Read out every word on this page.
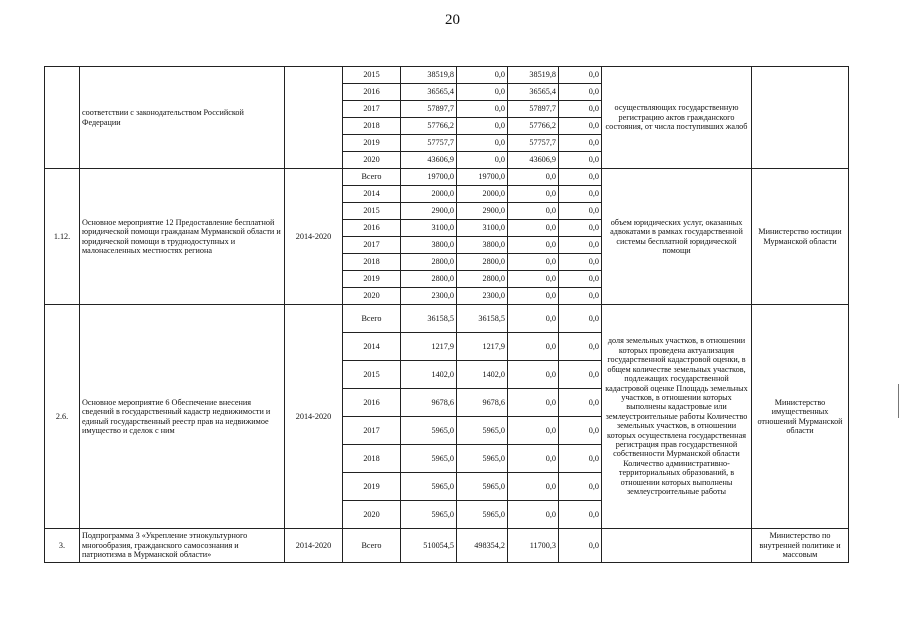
20
	соответствии с законодательством Российской Федерации		2015	38519,8	0,0	38519,8	0,0	осуществляющих государственную регистрацию актов гражданского состояния, от числа поступивших жалоб	
			2016	36565,4	0,0	36565,4	0,0		
			2017	57897,7	0,0	57897,7	0,0		
			2018	57766,2	0,0	57766,2	0,0		
			2019	57757,7	0,0	57757,7	0,0		
			2020	43606,9	0,0	43606,9	0,0		
1.12.	Основное мероприятие 12 Предоставление бесплатной юридической помощи гражданам Мурманской области и юридической помощи в труднодоступных и малонаселенных местностях региона	2014-2020	Всего	19700,0	19700,0	0,0	0,0	объем юридических услуг, оказанных адвокатами в рамках государственной системы бесплатной юридической помощи	Министерство юстиции Мурманской области
			2014	2000,0	2000,0	0,0	0,0		
			2015	2900,0	2900,0	0,0	0,0		
			2016	3100,0	3100,0	0,0	0,0		
			2017	3800,0	3800,0	0,0	0,0		
			2018	2800,0	2800,0	0,0	0,0		
			2019	2800,0	2800,0	0,0	0,0		
			2020	2300,0	2300,0	0,0	0,0		
2.6.	Основное мероприятие 6 Обеспечение внесения сведений в государственный кадастр недвижимости и единый государственный реестр прав на недвижимое имущество и сделок с ним	2014-2020	Всего	36158,5	36158,5	0,0	0,0	доля земельных участков, в отношении которых проведена актуализация государственной кадастровой оценки, в общем количестве земельных участков, подлежащих государственной кадастровой оценке Площадь земельных участков, в отношении которых выполнены кадастровые или землеустроительные работы Количество земельных участков, в отношении которых осуществлена государственная регистрация прав государственной собственности Мурманской области Количество административно-территориальных образований, в отношении которых выполнены землеустроительные работы	Министерство имущественных отношений Мурманской области
			2014	1217,9	1217,9	0,0	0,0		
			2015	1402,0	1402,0	0,0	0,0		
			2016	9678,6	9678,6	0,0	0,0		
			2017	5965,0	5965,0	0,0	0,0		
			2018	5965,0	5965,0	0,0	0,0		
			2019	5965,0	5965,0	0,0	0,0		
			2020	5965,0	5965,0	0,0	0,0		
3.	Подпрограмма 3 «Укрепление этнокультурного многообразия, гражданского самосознания и патриотизма в Мурманской области»	2014-2020	Всего	510054,5	498354,2	11700,3	0,0		Министерство по внутренней политике и массовым
